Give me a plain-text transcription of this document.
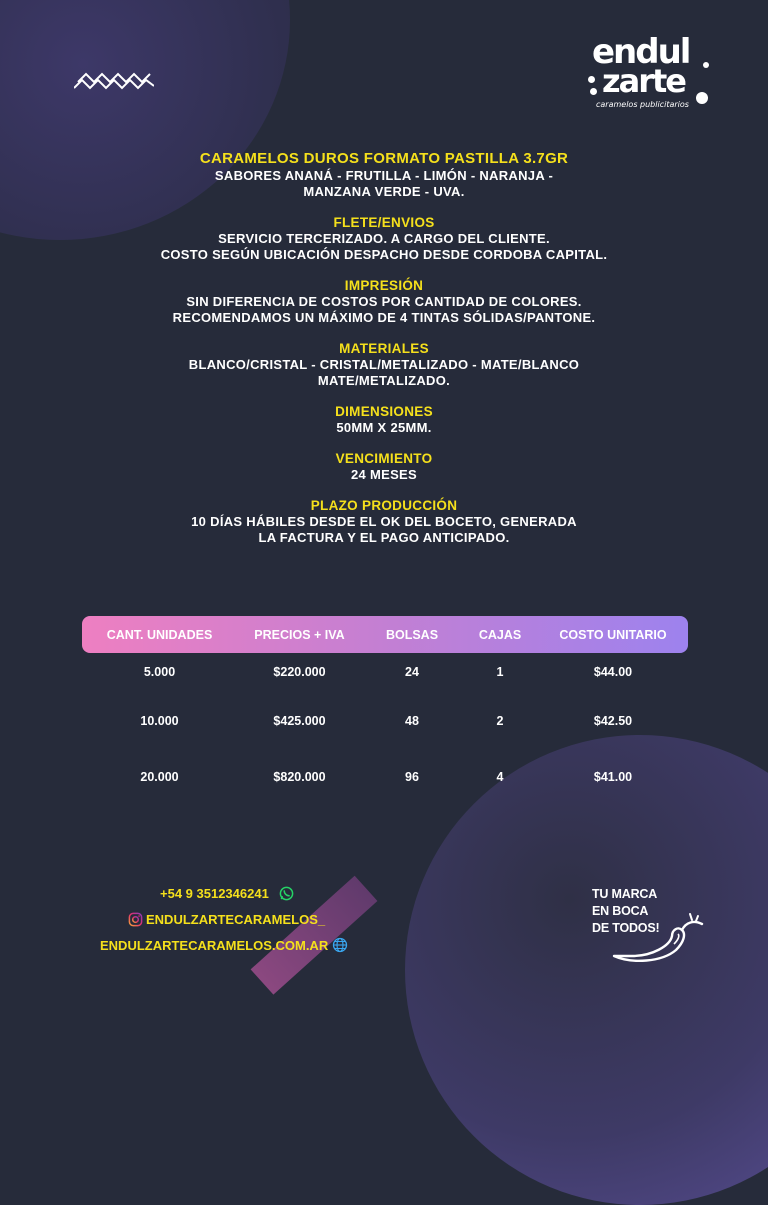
endul
zarte
caramelos publicitarios
CARAMELOS DUROS FORMATO PASTILLA 3.7GR
SABORES ANANÁ - FRUTILLA - LIMÓN - NARANJA -
MANZANA VERDE - UVA.
FLETE/ENVIOS
SERVICIO TERCERIZADO. A CARGO DEL CLIENTE.
COSTO SEGÚN UBICACIÓN DESPACHO DESDE CORDOBA CAPITAL.
IMPRESIÓN
SIN DIFERENCIA DE COSTOS POR CANTIDAD DE COLORES.
RECOMENDAMOS UN MÁXIMO DE 4 TINTAS SÓLIDAS/PANTONE.
MATERIALES
BLANCO/CRISTAL - CRISTAL/METALIZADO - MATE/BLANCO
MATE/METALIZADO.
DIMENSIONES
50MM X 25MM.
VENCIMIENTO
24 MESES
PLAZO PRODUCCIÓN
10 DÍAS HÁBILES DESDE EL OK DEL BOCETO, GENERADA
LA FACTURA Y EL PAGO ANTICIPADO.
CANT. UNIDADES	PRECIOS + IVA	BOLSAS	CAJAS	COSTO UNITARIO
5.000	$220.000	24	1	$44.00
10.000	$425.000	48	2	$42.50
20.000	$820.000	96	4	$41.00
+54 9 3512346241
ENDULZARTECARAMELOS_
ENDULZARTECARAMELOS.COM.AR
TU MARCA
EN BOCA
DE TODOS!
